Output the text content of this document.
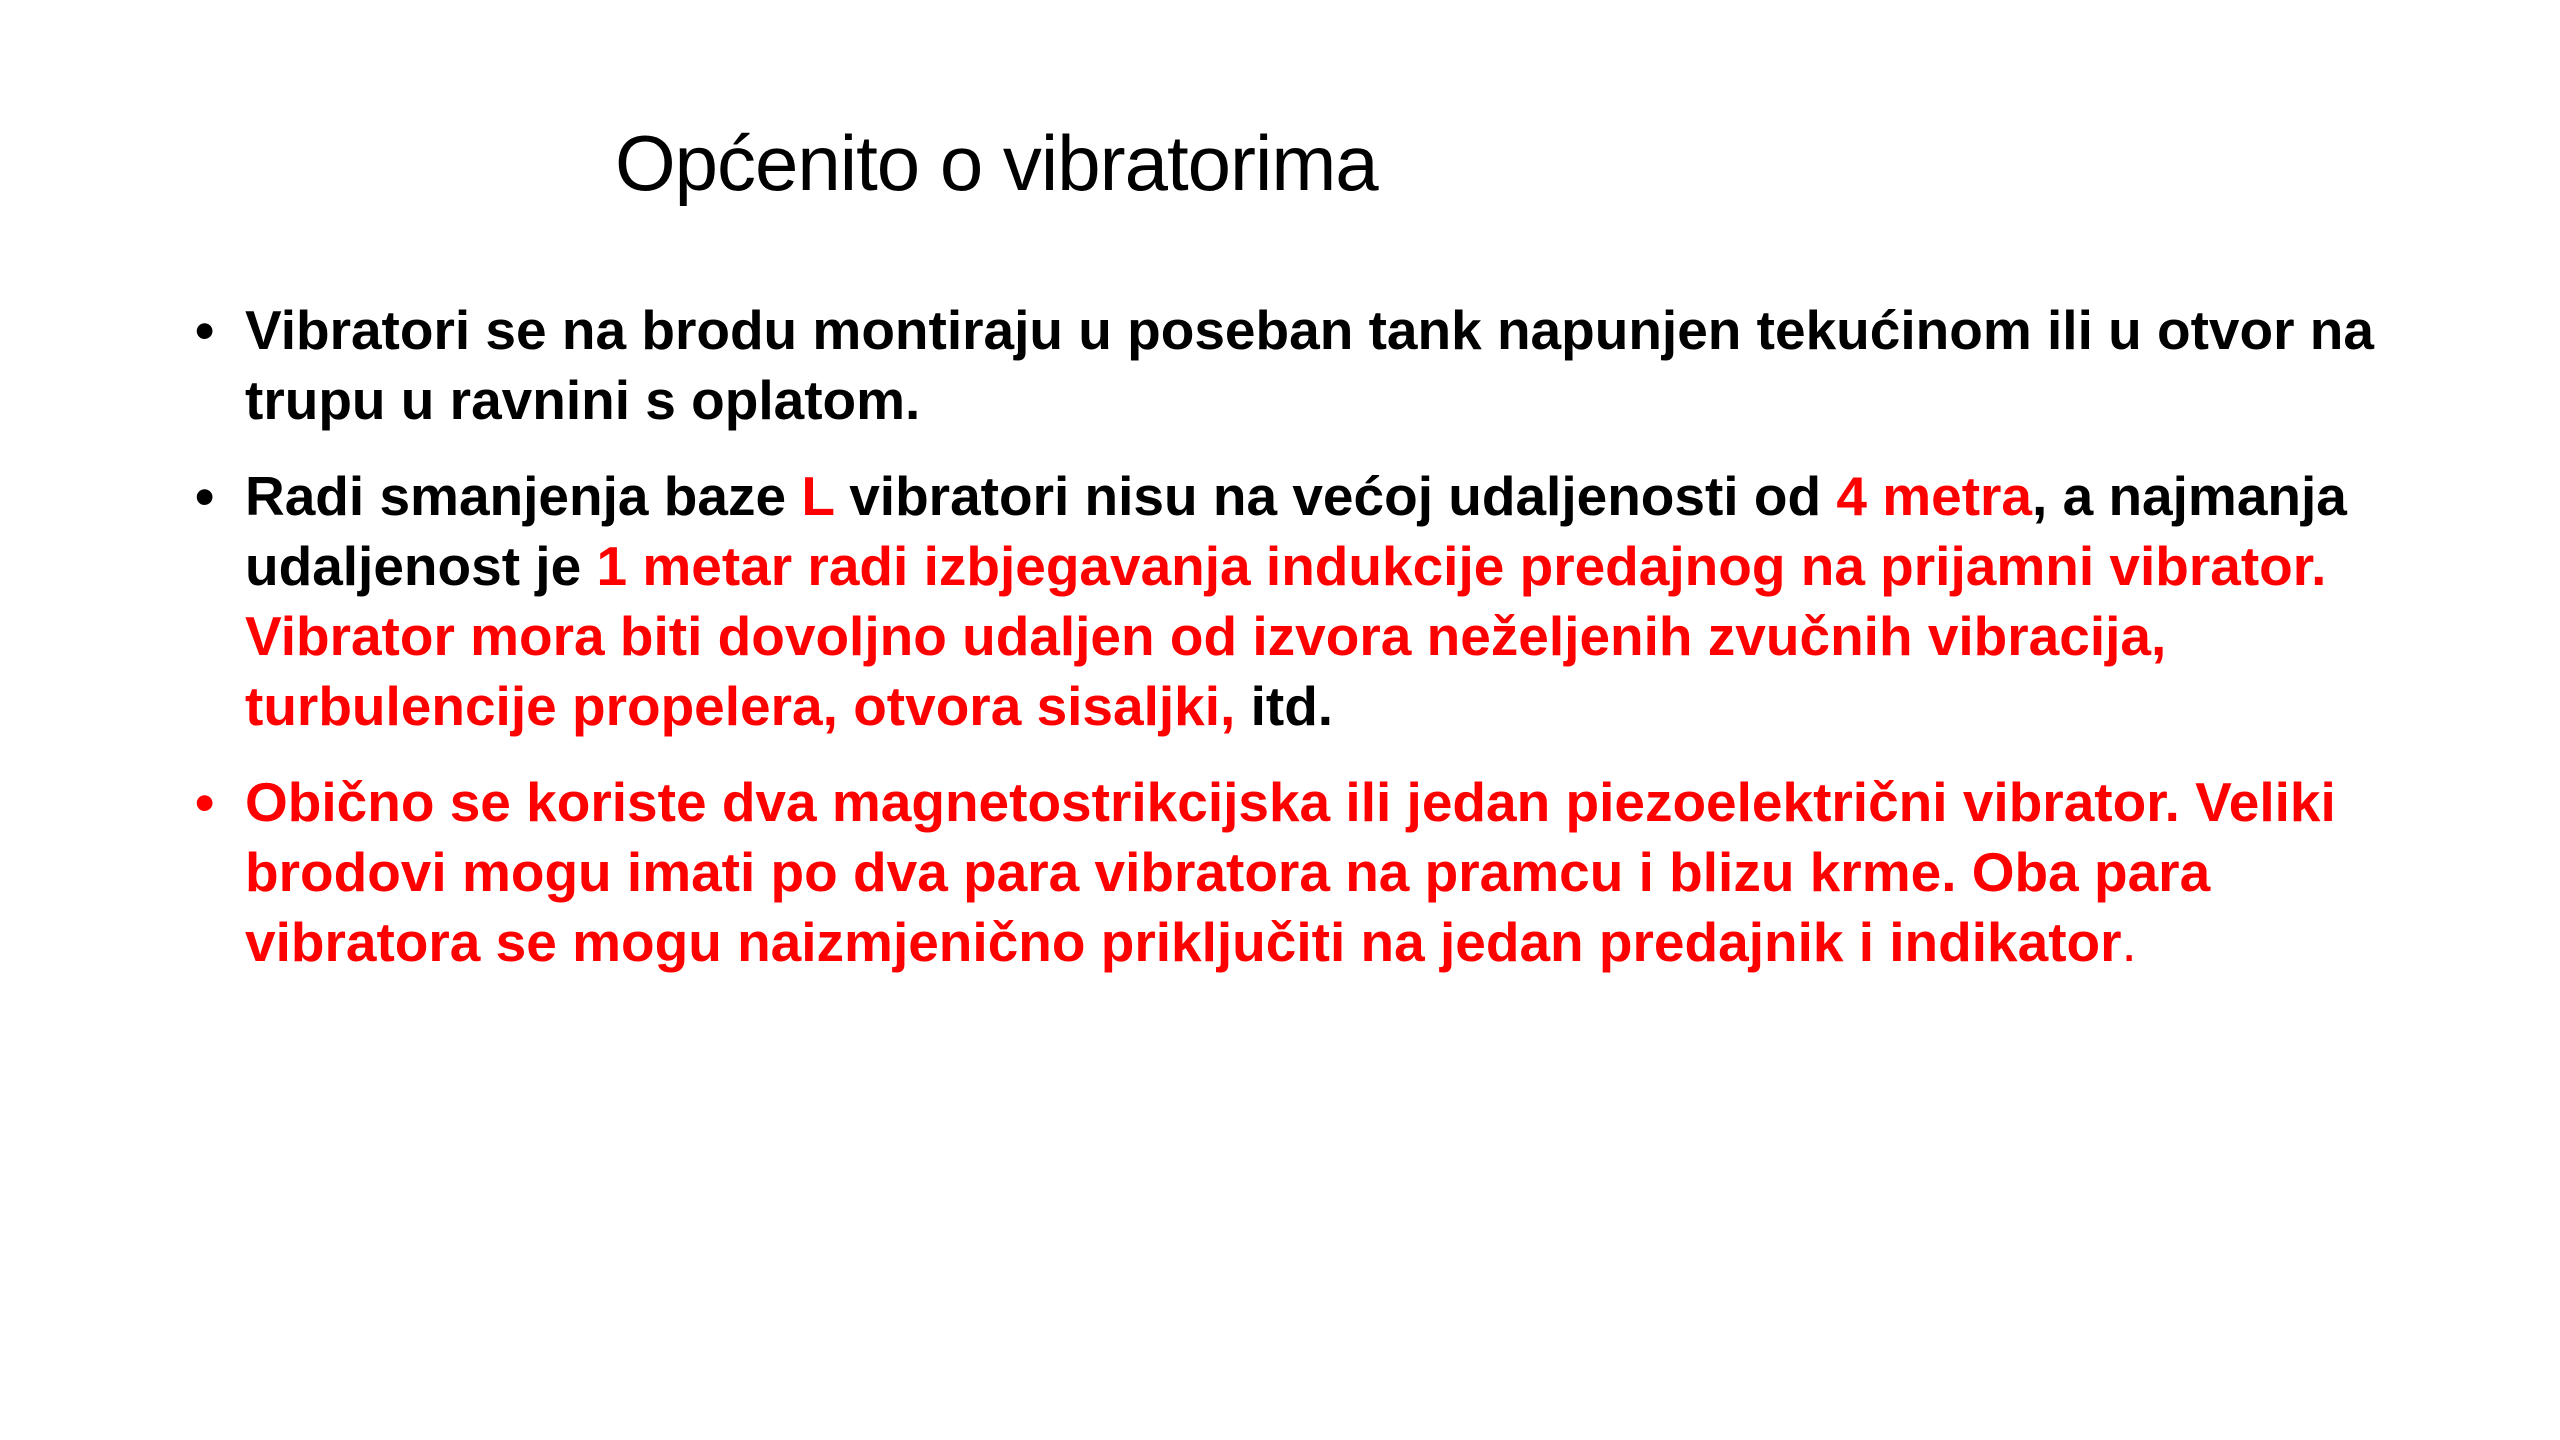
Općenito o vibratorima
• Vibratori se na brodu montiraju u poseban tank napunjen tekućinom ili u otvor na trupu u ravnini s oplatom.
• Radi smanjenja baze L vibratori nisu na većoj udaljenosti od 4 metra, a najmanja udaljenost je 1 metar radi izbjegavanja indukcije predajnog na prijamni vibrator. Vibrator mora biti dovoljno udaljen od izvora neželjenih zvučnih vibracija, turbulencije propelera, otvora sisaljki, itd.
• Obično se koriste dva magnetostrikcijska ili jedan piezoelektrični vibrator. Veliki brodovi mogu imati po dva para vibratora na pramcu i blizu krme. Oba para vibratora se mogu naizmjenično priključiti na jedan predajnik i indikator.
